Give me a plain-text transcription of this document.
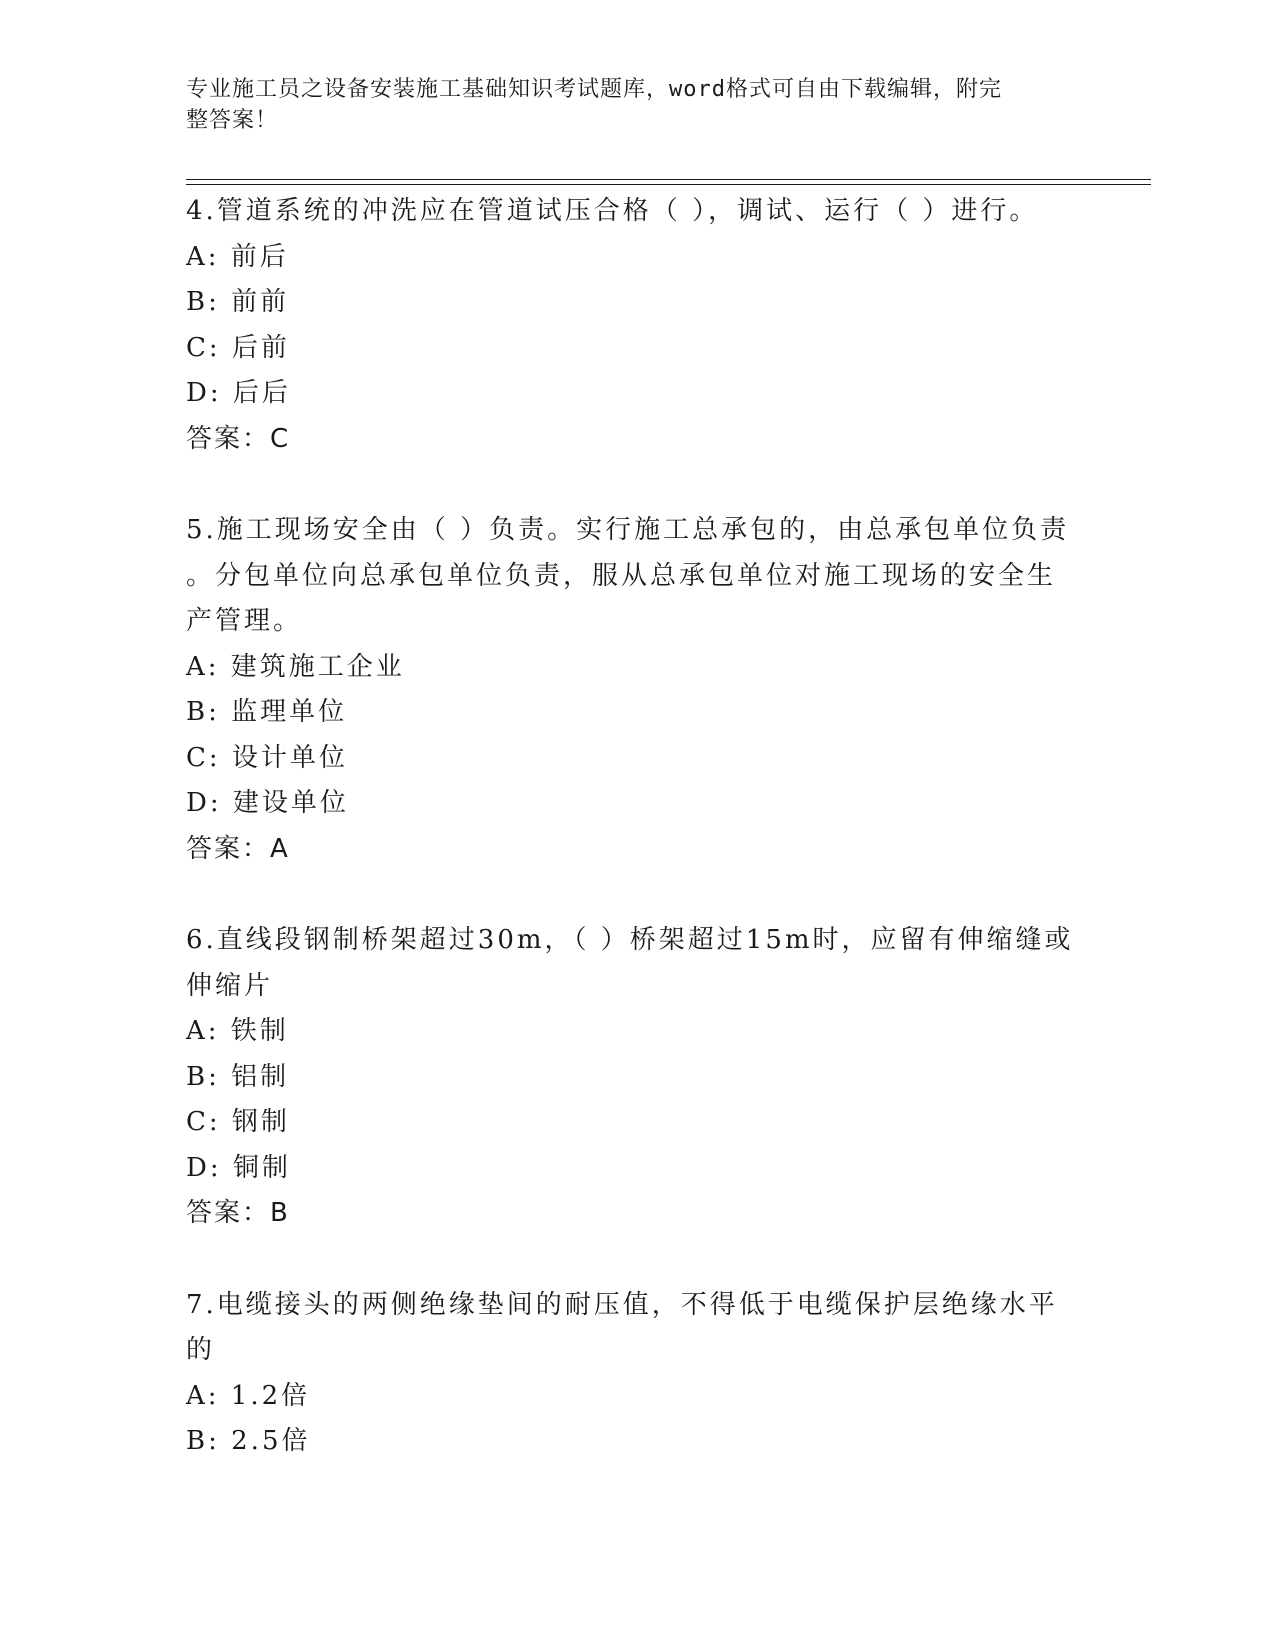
专业施工员之设备安装施工基础知识考试题库，word格式可自由下载编辑，附完
整答案！
4.管道系统的冲洗应在管道试压合格（ ），调试、运行（ ）进行。
A: 前后
B: 前前
C: 后前
D: 后后
答案：C
5.施工现场安全由（ ）负责。实行施工总承包的，由总承包单位负责
。分包单位向总承包单位负责，服从总承包单位对施工现场的安全生
产管理。
A: 建筑施工企业
B: 监理单位
C: 设计单位
D: 建设单位
答案：A
6.直线段钢制桥架超过30m，（ ）桥架超过15m时，应留有伸缩缝或
伸缩片
A: 铁制
B: 铝制
C: 钢制
D: 铜制
答案：B
7.电缆接头的两侧绝缘垫间的耐压值，不得低于电缆保护层绝缘水平
的
A: 1.2倍
B: 2.5倍
